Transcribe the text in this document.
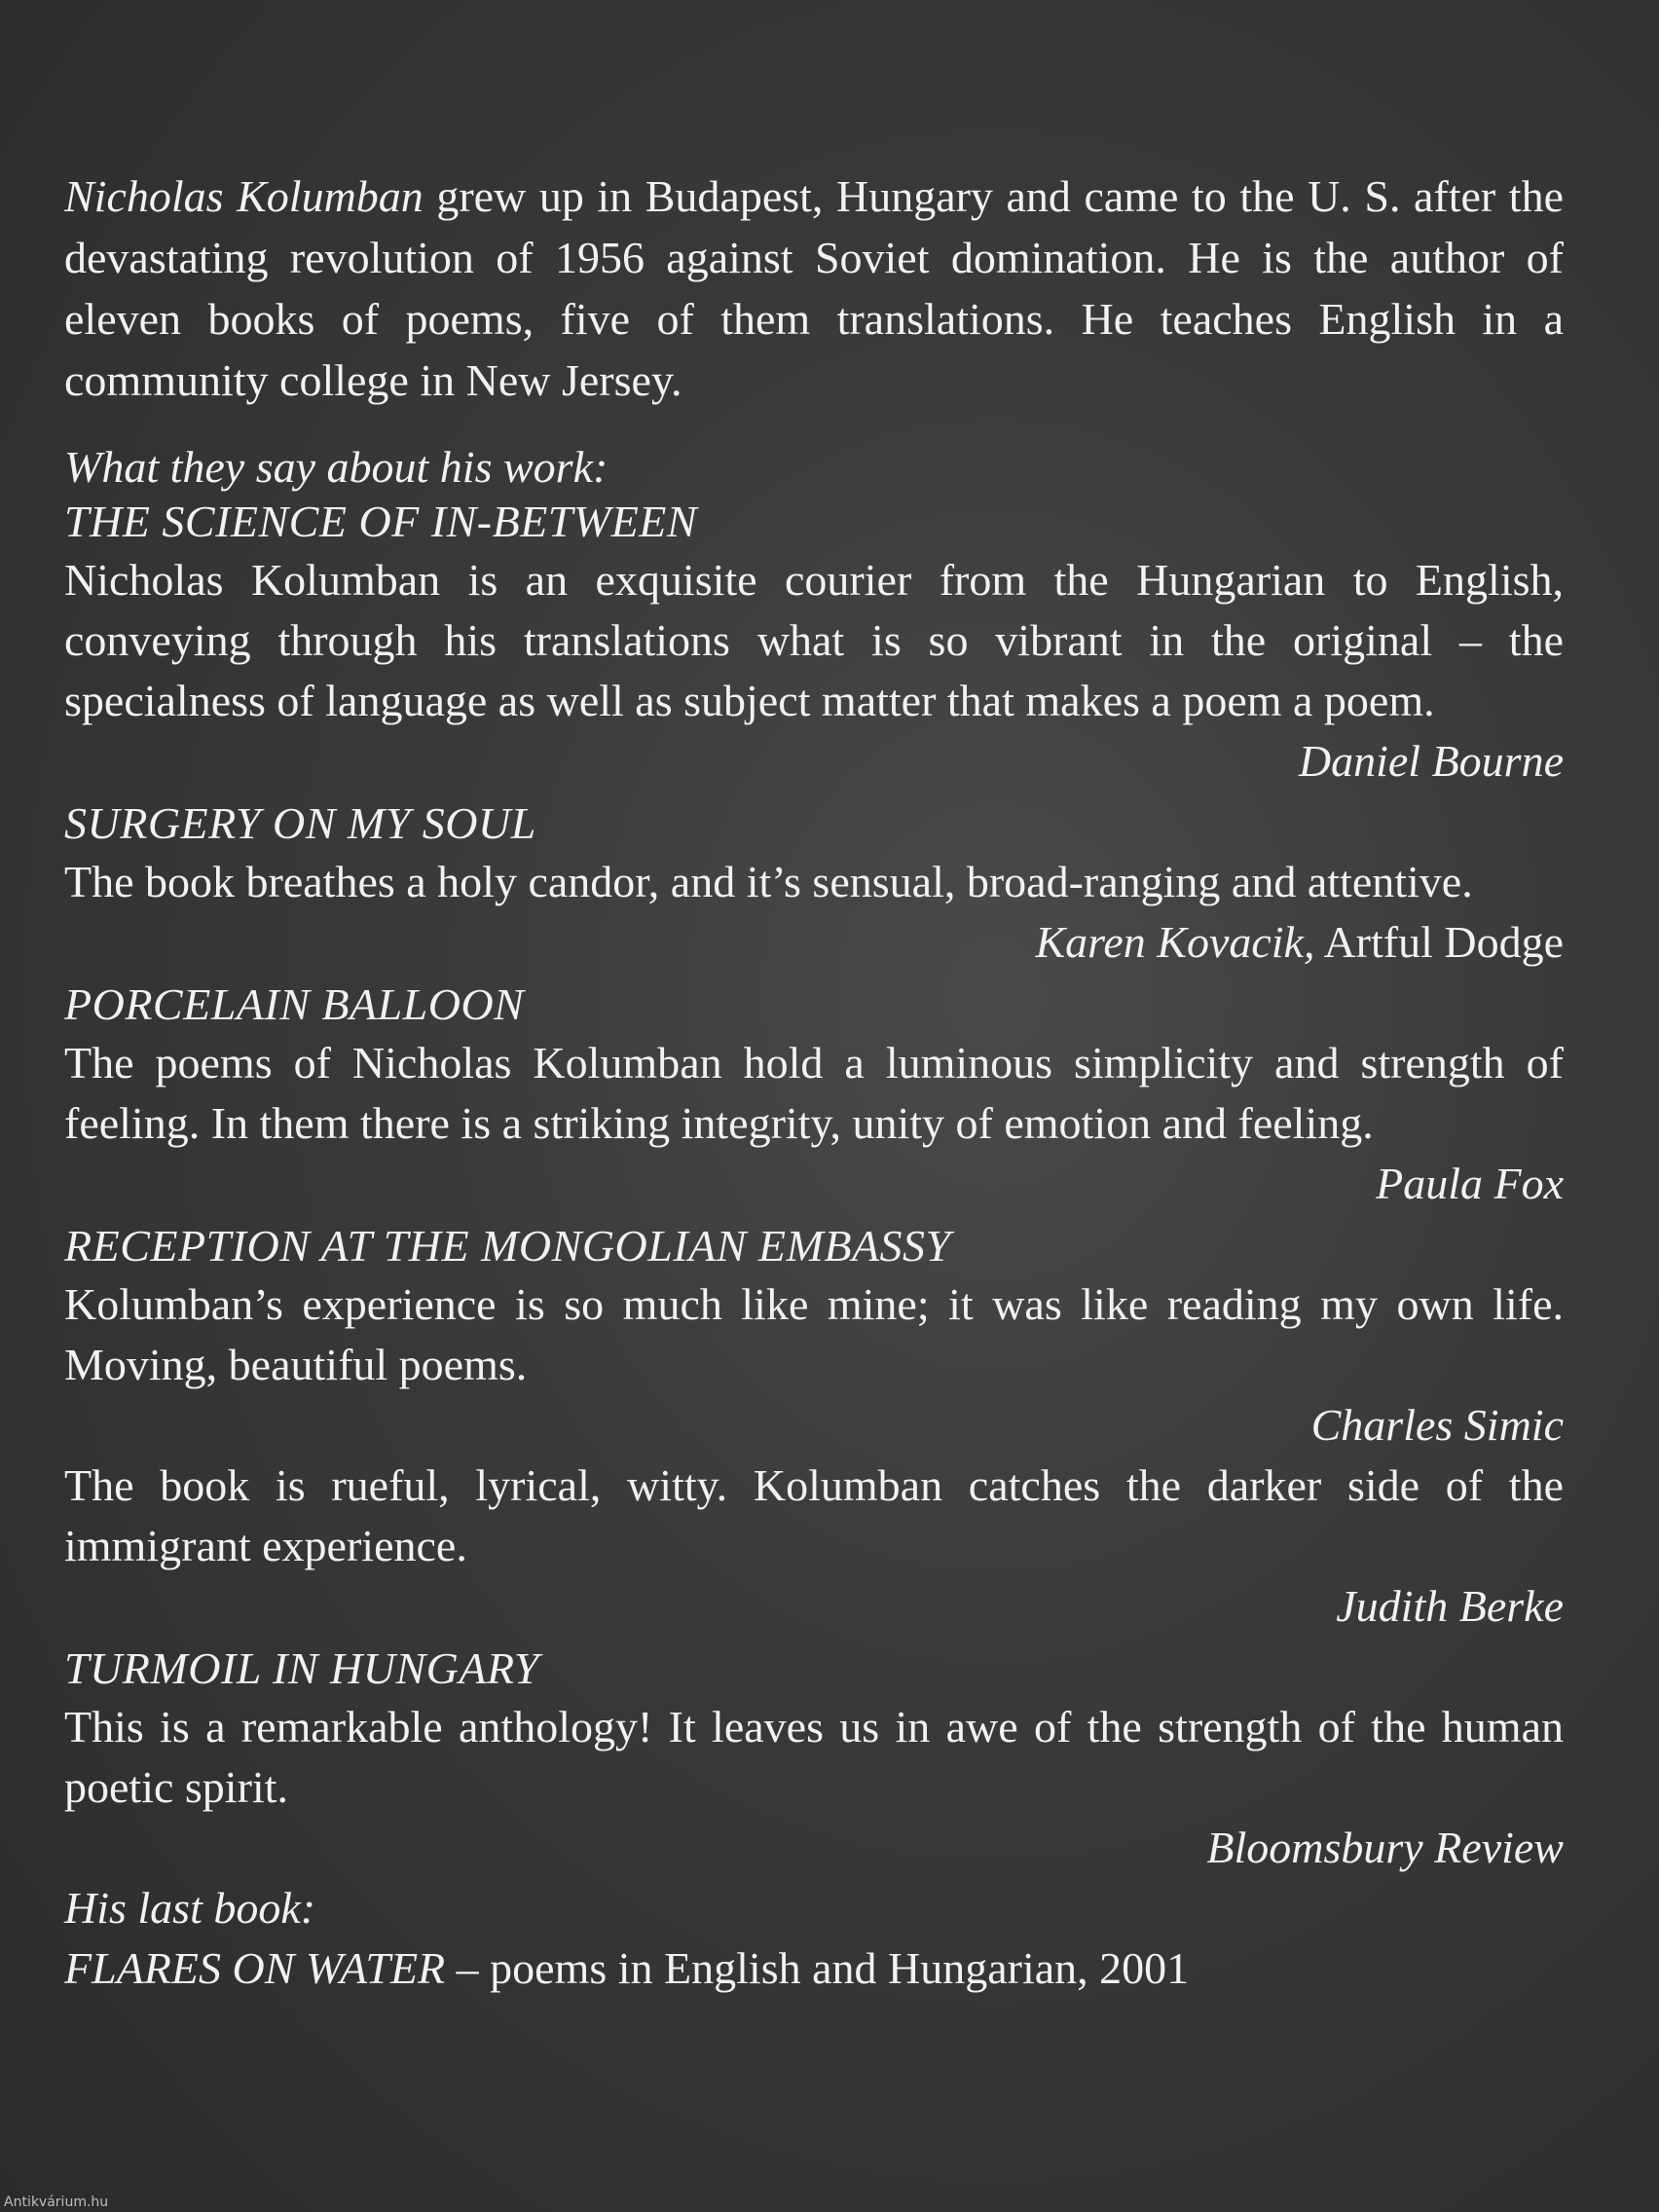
Nicholas Kolumban grew up in Budapest, Hungary and came to the U. S. after the devastating revolution of 1956 against Soviet domination. He is the author of eleven books of poems, five of them translations. He teaches English in a community college in New Jersey.

What they say about his work:

THE SCIENCE OF IN-BETWEEN

Nicholas Kolumban is an exquisite courier from the Hungarian to English, conveying through his translations what is so vibrant in the original – the specialness of language as well as subject matter that makes a poem a poem.

Daniel Bourne

SURGERY ON MY SOUL

The book breathes a holy candor, and it’s sensual, broad-ranging and attentive.

Karen Kovacik, Artful Dodge

PORCELAIN BALLOON

The poems of Nicholas Kolumban hold a luminous simplicity and strength of feeling. In them there is a striking integrity, unity of emotion and feeling.

Paula Fox

RECEPTION AT THE MONGOLIAN EMBASSY

Kolumban’s experience is so much like mine; it was like reading my own life. Moving, beautiful poems.

Charles Simic

The book is rueful, lyrical, witty. Kolumban catches the darker side of the immigrant experience.

Judith Berke

TURMOIL IN HUNGARY

This is a remarkable anthology! It leaves us in awe of the strength of the human poetic spirit.

Bloomsbury Review

His last book:

FLARES ON WATER – poems in English and Hungarian, 2001

Antikvárium.hu
